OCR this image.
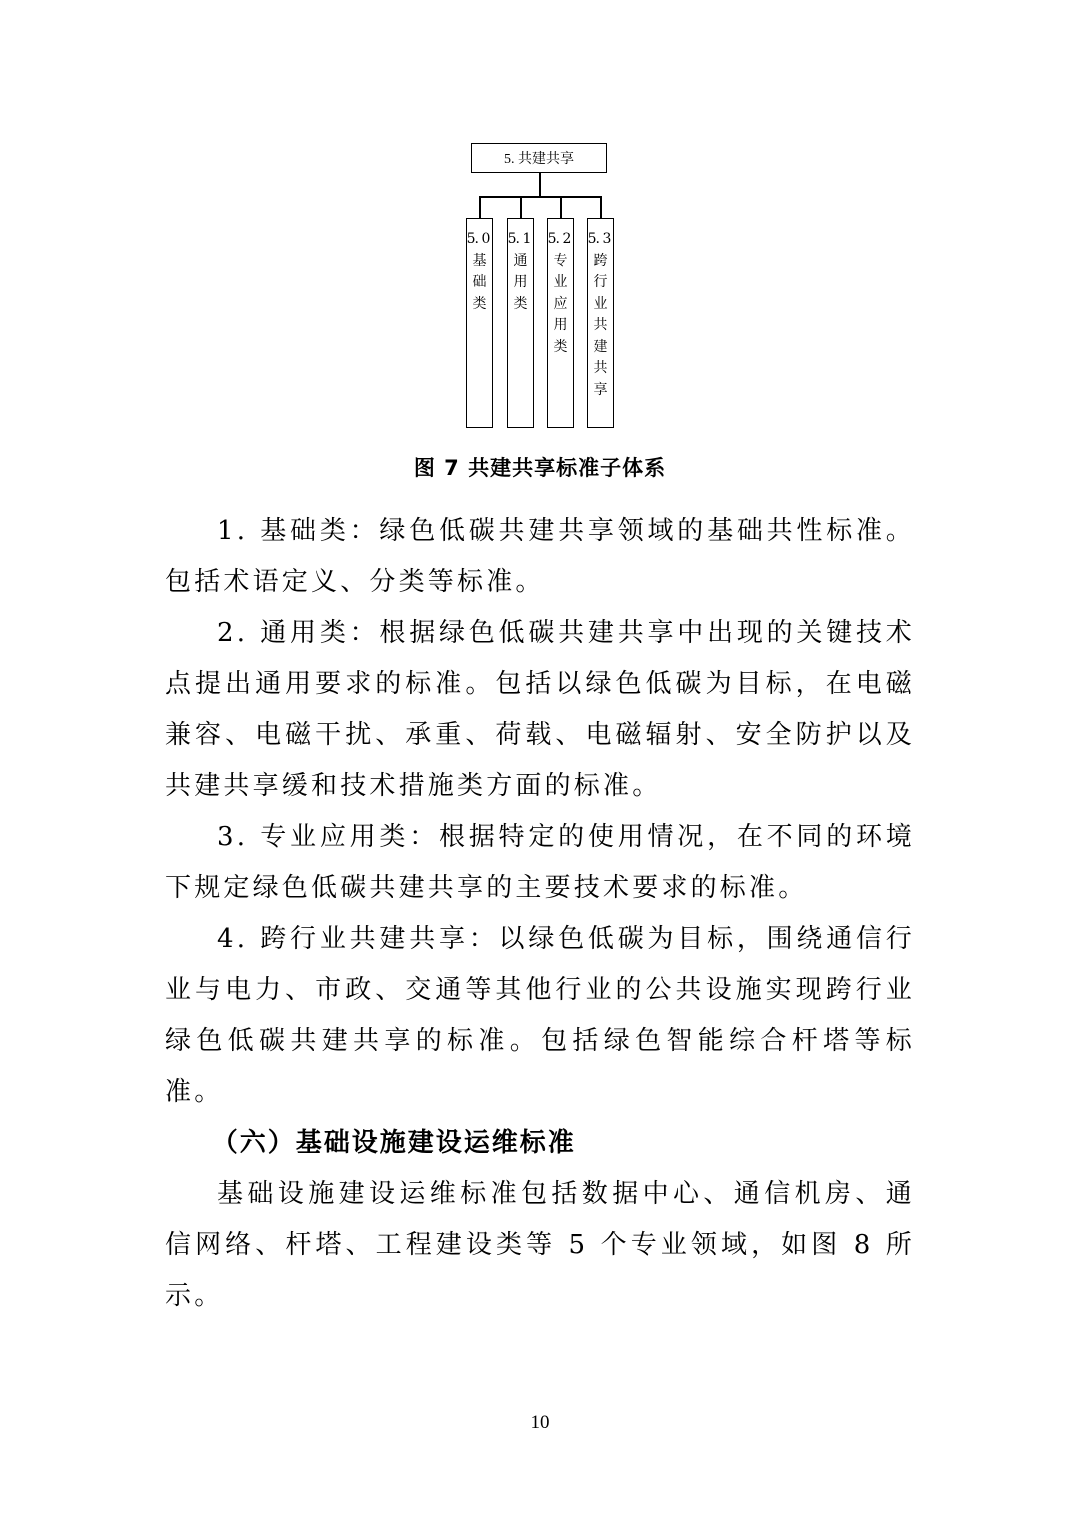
5. 共建共享
5. 0
基础类
5. 1
通用类
5. 2
专业应用类
5. 3
跨行业共建共享
图 7 共建共享标准子体系

1. 基础类：绿色低碳共建共享领域的基础共性标准。包括术语定义、分类等标准。

2. 通用类：根据绿色低碳共建共享中出现的关键技术点提出通用要求的标准。包括以绿色低碳为目标，在电磁兼容、电磁干扰、承重、荷载、电磁辐射、安全防护以及共建共享缓和技术措施类方面的标准。

3. 专业应用类：根据特定的使用情况，在不同的环境下规定绿色低碳共建共享的主要技术要求的标准。

4. 跨行业共建共享：以绿色低碳为目标，围绕通信行业与电力、市政、交通等其他行业的公共设施实现跨行业绿色低碳共建共享的标准。包括绿色智能综合杆塔等标准。

（六）基础设施建设运维标准

基础设施建设运维标准包括数据中心、通信机房、通信网络、杆塔、工程建设类等 5 个专业领域，如图 8 所示。

10
